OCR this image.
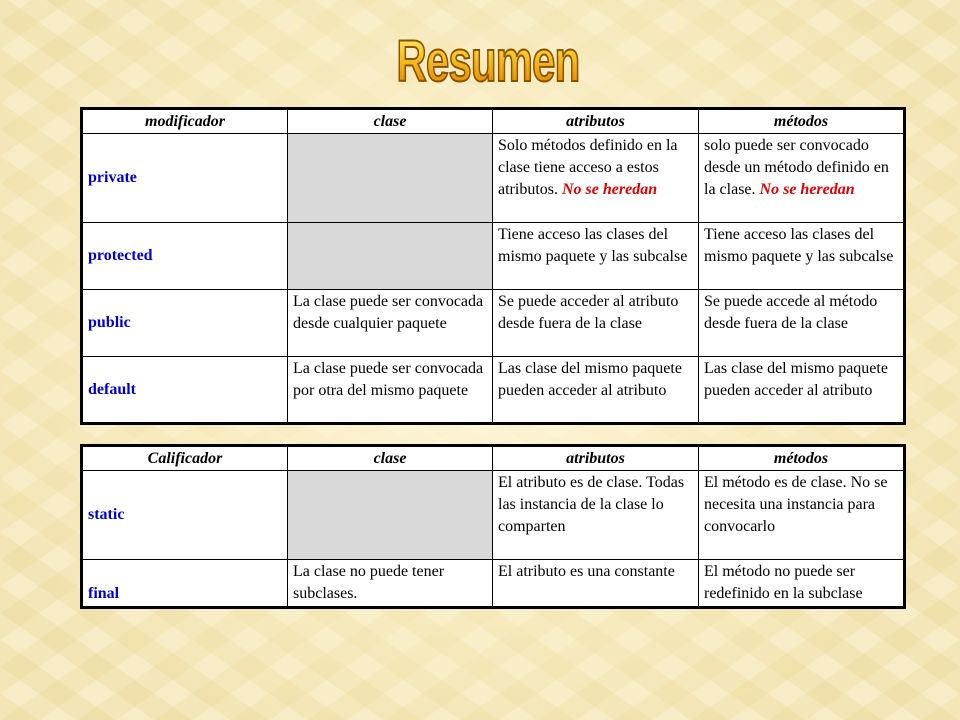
Resumen
modificador	clase	atributos	métodos
private		Solo métodos definido en la clase tiene acceso a estos atributos. No se heredan	solo puede ser convocado desde un método definido en la clase. No se heredan
protected		Tiene acceso las clases del mismo paquete y las subcalse	Tiene acceso las clases del mismo paquete y las subcalse
public	La clase puede ser convocada desde cualquier paquete	Se puede acceder al atributo desde fuera de la clase	Se puede accede al método desde fuera de la clase
default	La clase puede ser convocada por otra del mismo paquete	Las clase del mismo paquete pueden acceder al atributo	Las clase del mismo paquete pueden acceder al atributo
Calificador	clase	atributos	métodos
static		El atributo es de clase. Todas las instancia de la clase lo comparten	El método es de clase. No se necesita una instancia para convocarlo
final	La clase no puede tener subclases.	El atributo es una constante	El método no puede ser redefinido en la subclase
